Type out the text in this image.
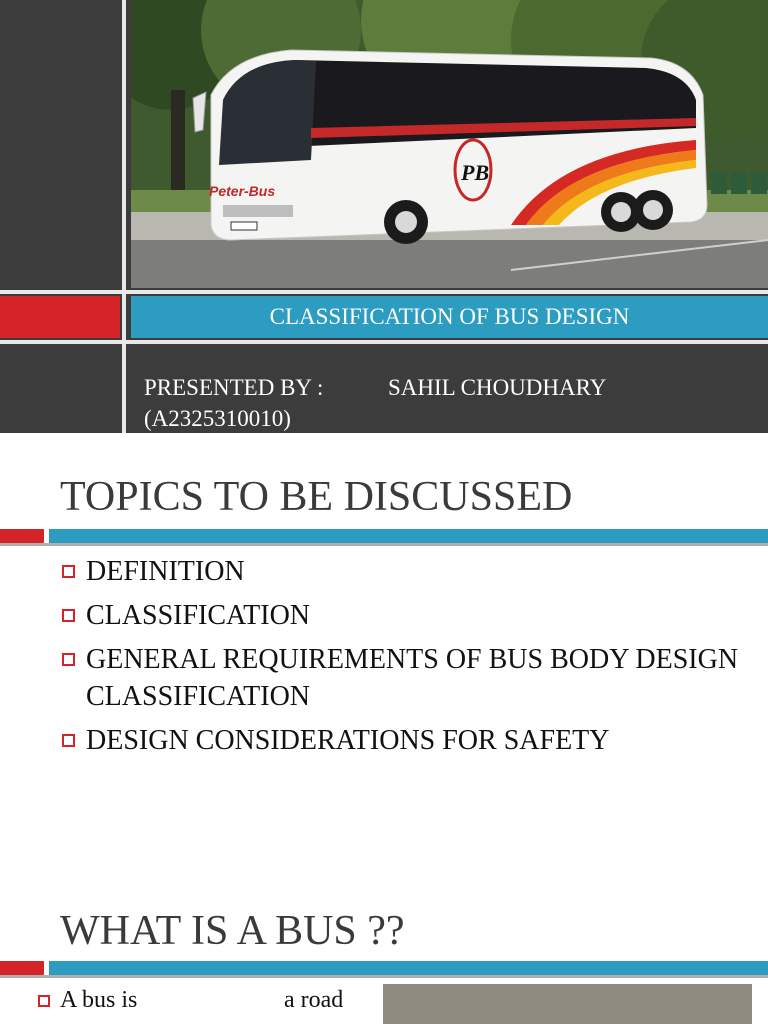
PB
Peter-Bus
CLASSIFICATION OF BUS DESIGN
PRESENTED BY :	SAHIL CHOUDHARY

(A2325310010)
TOPICS TO BE DISCUSSED
DEFINITION
CLASSIFICATION
GENERAL REQUIREMENTS OF BUS BODY DESIGN CLASSIFICATION
DESIGN CONSIDERATIONS FOR SAFETY
WHAT IS A BUS ??
A bus is	a road
